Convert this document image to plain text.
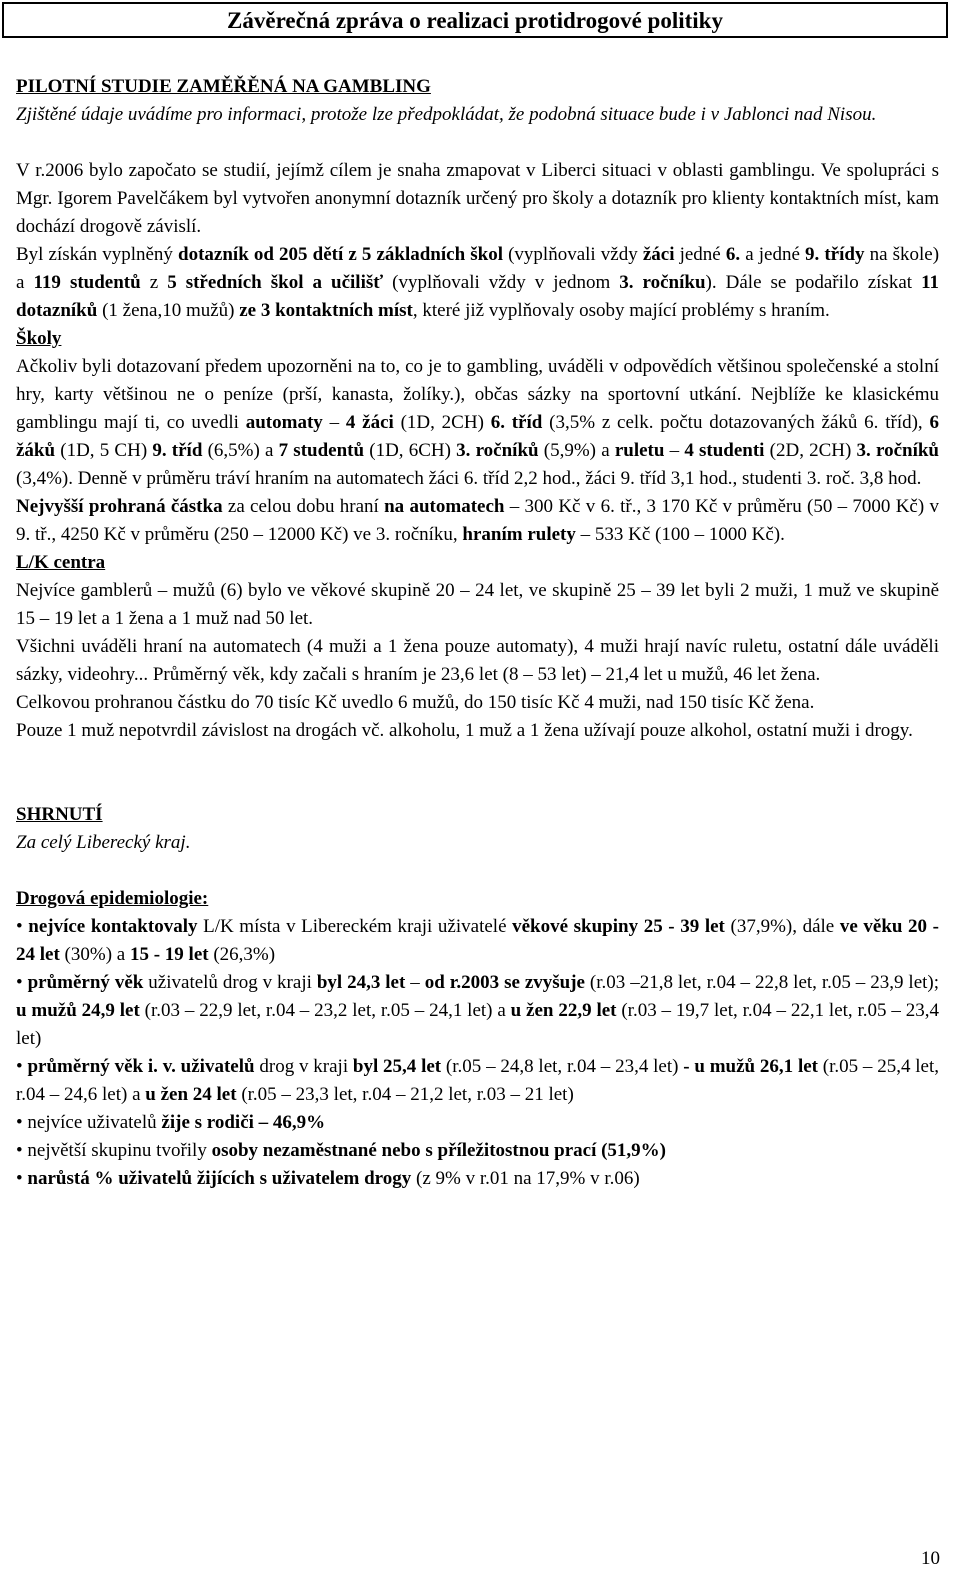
Závěrečná zpráva o realizaci protidrogové politiky

PILOTNÍ STUDIE ZAMĚŘĚNÁ NA GAMBLING

Zjištěné údaje uvádíme pro informaci, protože lze předpokládat, že podobná situace bude i v Jablonci nad Nisou.

V r.2006 bylo započato se studií, jejímž cílem je snaha zmapovat v Liberci situaci v oblasti gamblingu. Ve spolupráci s Mgr. Igorem Pavelčákem byl vytvořen anonymní dotazník určený pro školy a dotazník pro klienty kontaktních míst, kam dochází drogově závislí.

Byl získán vyplněný dotazník od 205 dětí z 5 základních škol (vyplňovali vždy žáci jedné 6. a jedné 9. třídy na škole) a 119 studentů z 5 středních škol a učilišť (vyplňovali vždy v jednom 3. ročníku). Dále se podařilo získat 11 dotazníků (1 žena,10 mužů) ze 3 kontaktních míst, které již vyplňovaly osoby mající problémy s hraním.

Školy

Ačkoliv byli dotazovaní předem upozorněni na to, co je to gambling, uváděli v odpovědích většinou společenské a stolní hry, karty většinou ne o peníze (prší, kanasta, žolíky.), občas sázky na sportovní utkání. Nejblíže ke klasickému gamblingu mají ti, co uvedli automaty – 4 žáci (1D, 2CH) 6. tříd (3,5% z celk. počtu dotazovaných žáků 6. tříd), 6 žáků (1D, 5 CH) 9. tříd (6,5%) a 7 studentů (1D, 6CH) 3. ročníků (5,9%) a ruletu – 4 studenti (2D, 2CH) 3. ročníků (3,4%). Denně v průměru tráví hraním na automatech žáci 6. tříd 2,2 hod., žáci 9. tříd 3,1 hod., studenti 3. roč. 3,8 hod.

Nejvyšší prohraná částka za celou dobu hraní na automatech – 300 Kč v 6. tř., 3 170 Kč v průměru (50 – 7000 Kč) v 9. tř., 4250 Kč v průměru (250 – 12000 Kč) ve 3. ročníku, hraním rulety – 533 Kč (100 – 1000 Kč).

L/K centra

Nejvíce gamblerů – mužů (6) bylo ve věkové skupině 20 – 24 let, ve skupině 25 – 39 let byli 2 muži, 1 muž ve skupině 15 – 19 let a 1 žena a 1 muž nad 50 let.

Všichni uváděli hraní na automatech (4 muži a 1 žena pouze automaty), 4 muži hrají navíc ruletu, ostatní dále uváděli sázky, videohry... Průměrný věk, kdy začali s hraním je 23,6 let (8 – 53 let) – 21,4 let u mužů, 46 let žena.

Celkovou prohranou částku do 70 tisíc Kč uvedlo 6 mužů, do 150 tisíc Kč 4 muži, nad 150 tisíc Kč žena.

Pouze 1 muž nepotvrdil závislost na drogách vč. alkoholu, 1 muž a 1 žena užívají pouze alkohol, ostatní muži i drogy.

SHRNUTÍ

Za celý Liberecký kraj.

Drogová epidemiologie:

• nejvíce kontaktovaly L/K místa v Libereckém kraji uživatelé věkové skupiny 25 - 39 let (37,9%), dále ve věku 20 - 24 let (30%) a 15 - 19 let (26,3%)
• průměrný věk uživatelů drog v kraji byl 24,3 let – od r.2003 se zvyšuje (r.03 –21,8 let, r.04 – 22,8 let, r.05 – 23,9 let); u mužů 24,9 let (r.03 – 22,9 let, r.04 – 23,2 let, r.05 – 24,1 let) a u žen 22,9 let (r.03 – 19,7 let, r.04 – 22,1 let, r.05 – 23,4 let)
• průměrný věk i. v. uživatelů drog v kraji byl 25,4 let (r.05 – 24,8 let, r.04 – 23,4 let) - u mužů 26,1 let (r.05 – 25,4 let, r.04 – 24,6 let) a u žen 24 let (r.05 – 23,3 let, r.04 – 21,2 let, r.03 – 21 let)
• nejvíce uživatelů žije s rodiči – 46,9%
• největší skupinu tvořily osoby nezaměstnané nebo s příležitostnou prací (51,9%)
• narůstá % uživatelů žijících s uživatelem drogy (z 9% v r.01 na 17,9% v r.06)
10
